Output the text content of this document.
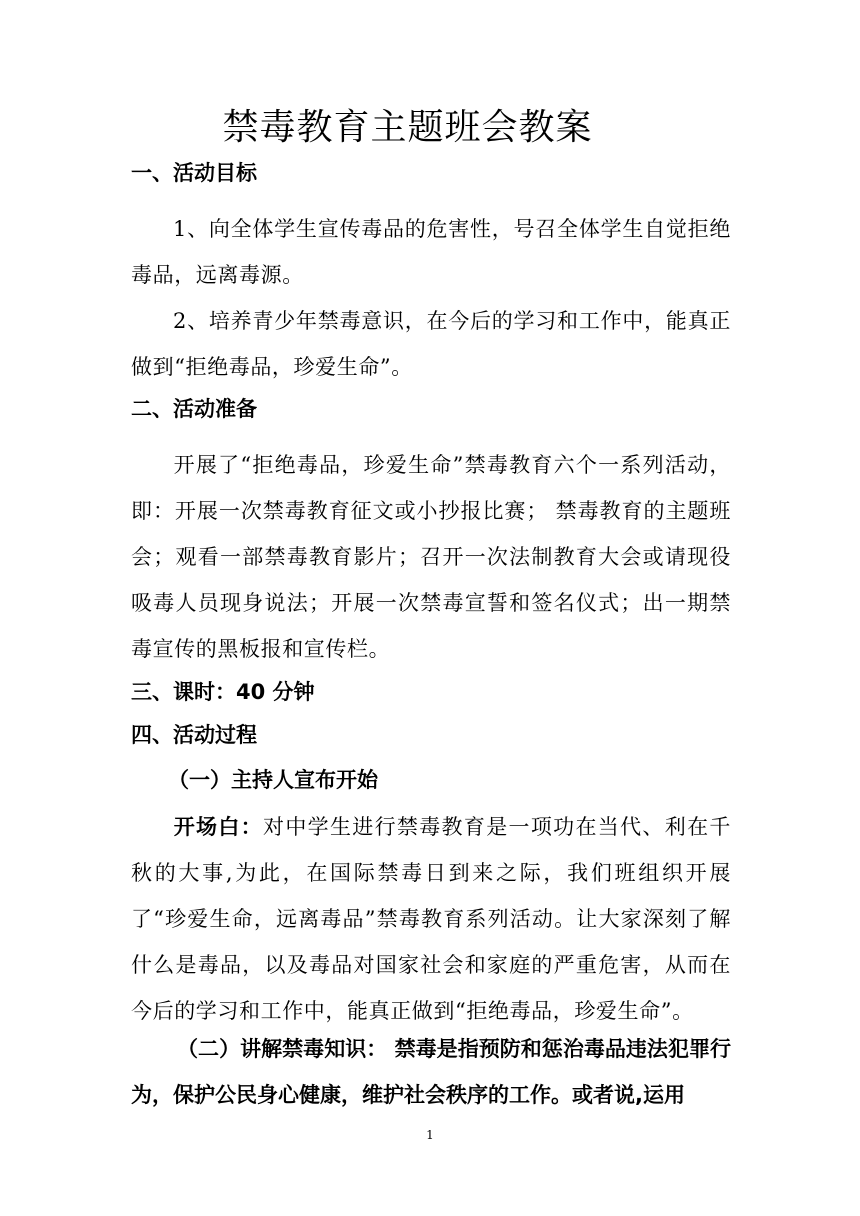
禁毒教育主题班会教案
一、活动目标
1、向全体学生宣传毒品的危害性，号召全体学生自觉拒绝毒品，远离毒源。
2、培养青少年禁毒意识，在今后的学习和工作中，能真正做到“拒绝毒品，珍爱生命”。
二、活动准备
开展了“拒绝毒品，珍爱生命”禁毒教育六个一系列活动，即：开展一次禁毒教育征文或小抄报比赛； 禁毒教育的主题班会；观看一部禁毒教育影片；召开一次法制教育大会或请现役吸毒人员现身说法；开展一次禁毒宣誓和签名仪式；出一期禁毒宣传的黑板报和宣传栏。
三、课时：40 分钟
四、活动过程
（一）主持人宣布开始
开场白：对中学生进行禁毒教育是一项功在当代、利在千秋的大事,为此，在国际禁毒日到来之际，我们班组织开展了“珍爱生命，远离毒品”禁毒教育系列活动。让大家深刻了解什么是毒品，以及毒品对国家社会和家庭的严重危害，从而在今后的学习和工作中，能真正做到“拒绝毒品，珍爱生命”。
（二）讲解禁毒知识： 禁毒是指预防和惩治毒品违法犯罪行为，保护公民身心健康，维护社会秩序的工作。或者说,运用
1
